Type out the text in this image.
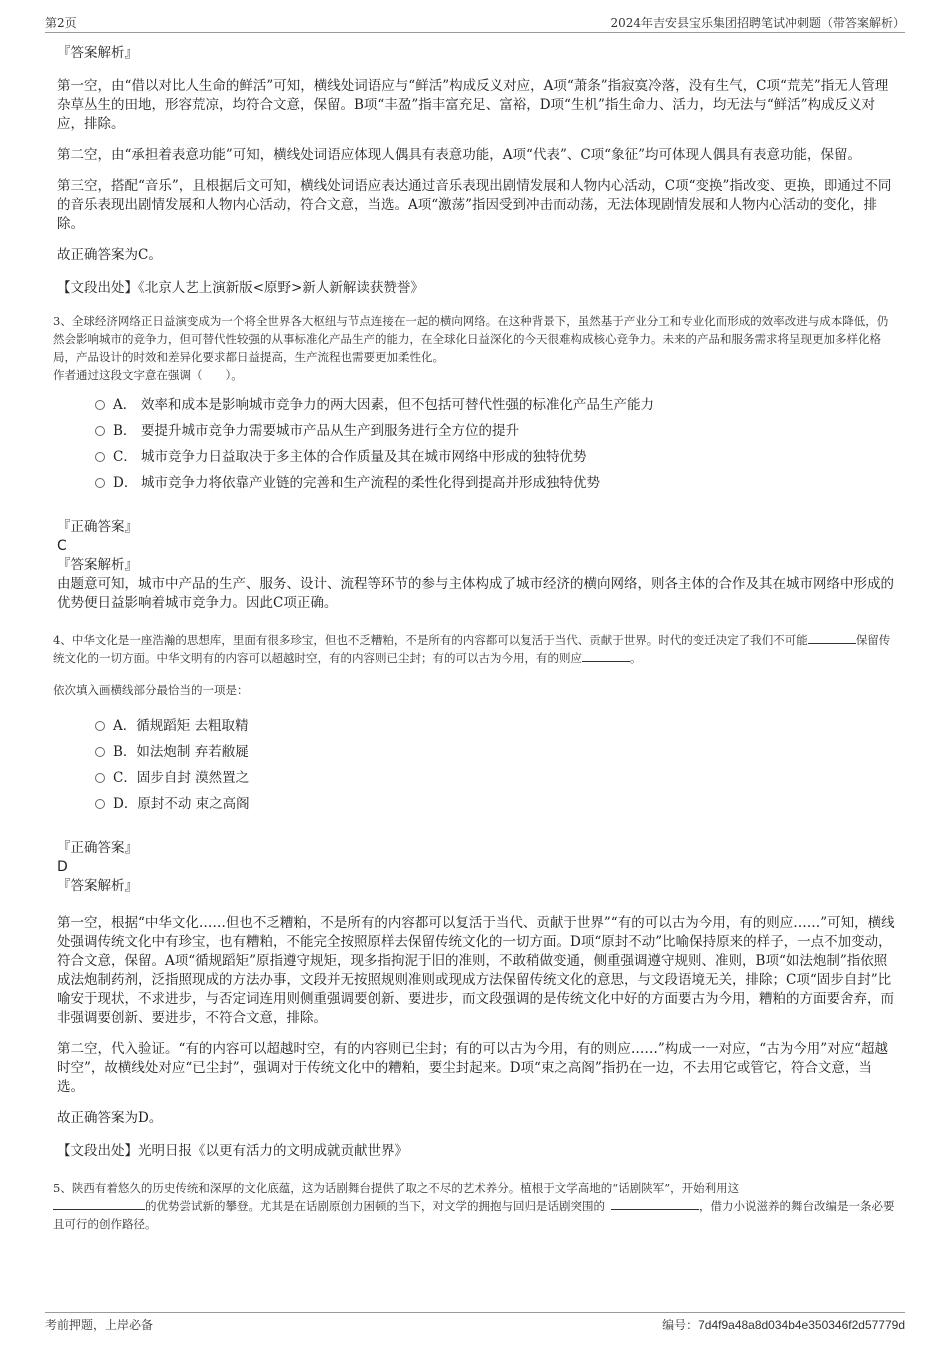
第2页	2024年吉安县宝乐集团招聘笔试冲刺题（带答案解析）

『答案解析』

第一空，由“借以对比人生命的鲜活”可知，横线处词语应与“鲜活”构成反义对应，A项“萧条”指寂寞冷落，没有生气，C项“荒芜”指无人管理杂草丛生的田地，形容荒凉，均符合文意，保留。B项“丰盈”指丰富充足、富裕，D项“生机”指生命力、活力，均无法与“鲜活”构成反义对应，排除。

第二空，由“承担着表意功能”可知，横线处词语应体现人偶具有表意功能，A项“代表”、C项“象征”均可体现人偶具有表意功能，保留。

第三空，搭配“音乐”，且根据后文可知，横线处词语应表达通过音乐表现出剧情发展和人物内心活动，C项“变换”指改变、更换，即通过不同的音乐表现出剧情发展和人物内心活动，符合文意，当选。A项“激荡”指因受到冲击而动荡，无法体现剧情发展和人物内心活动的变化，排除。

故正确答案为C。

【文段出处】《北京人艺上演新版<原野>新人新解读获赞誉》

3、全球经济网络正日益演变成为一个将全世界各大枢纽与节点连接在一起的横向网络。在这种背景下，虽然基于产业分工和专业化而形成的效率改进与成本降低，仍然会影响城市的竞争力，但可替代性较强的从事标准化产品生产的能力，在全球化日益深化的今天很难构成核心竞争力。未来的产品和服务需求将呈现更加多样化格局，产品设计的时效和差异化要求都日益提高，生产流程也需要更加柔性化。

作者通过这段文字意在强调（　　）。

A． 效率和成本是影响城市竞争力的两大因素，但不包括可替代性强的标准化产品生产能力
B． 要提升城市竞争力需要城市产品从生产到服务进行全方位的提升
C． 城市竞争力日益取决于多主体的合作质量及其在城市网络中形成的独特优势
D． 城市竞争力将依靠产业链的完善和生产流程的柔性化得到提高并形成独特优势

『正确答案』

C

『答案解析』

由题意可知，城市中产品的生产、服务、设计、流程等环节的参与主体构成了城市经济的横向网络，则各主体的合作及其在城市网络中形成的优势便日益影响着城市竞争力。因此C项正确。

4、中华文化是一座浩瀚的思想库，里面有很多珍宝，但也不乏糟粕，不是所有的内容都可以复活于当代、贡献于世界。时代的变迁决定了我们不可能	保留传统文化的一切方面。中华文明有的内容可以超越时空，有的内容则已尘封；有的可以古为今用，有的则应	。

依次填入画横线部分最恰当的一项是：

A．循规蹈矩 去粗取精
B．如法炮制 弃若敝屣
C．固步自封 漠然置之
D．原封不动 束之高阁

『正确答案』

D

『答案解析』

第一空，根据“中华文化……但也不乏糟粕，不是所有的内容都可以复活于当代、贡献于世界”“有的可以古为今用，有的则应……”可知，横线处强调传统文化中有珍宝，也有糟粕，不能完全按照原样去保留传统文化的一切方面。D项“原封不动”比喻保持原来的样子，一点不加变动，符合文意，保留。A项“循规蹈矩”原指遵守规矩，现多指拘泥于旧的准则，不敢稍做变通，侧重强调遵守规则、准则，B项“如法炮制”指依照成法炮制药剂，泛指照现成的方法办事，文段并无按照规则准则或现成方法保留传统文化的意思，与文段语境无关，排除；C项“固步自封”比喻安于现状，不求进步，与否定词连用则侧重强调要创新、要进步，而文段强调的是传统文化中好的方面要古为今用，糟粕的方面要舍弃，而非强调要创新、要进步，不符合文意，排除。

第二空，代入验证。“有的内容可以超越时空，有的内容则已尘封；有的可以古为今用，有的则应……”构成一一对应，“古为今用”对应“超越时空”，故横线处对应“已尘封”，强调对于传统文化中的糟粕，要尘封起来。D项“束之高阁”指扔在一边，不去用它或管它，符合文意，当选。

故正确答案为D。

【文段出处】光明日报《以更有活力的文明成就贡献世界》

5、陕西有着悠久的历史传统和深厚的文化底蕴，这为话剧舞台提供了取之不尽的艺术养分。植根于文学高地的“话剧陕军”，开始利用这
的优势尝试新的攀登。尤其是在话剧原创力困顿的当下，对文学的拥抱与回归是话剧突围的	，借力小说滋养的舞台改编是一条必要且可行的创作路径。

考前押题，上岸必备	编号：7d4f9a48a8d034b4e350346f2d57779d
